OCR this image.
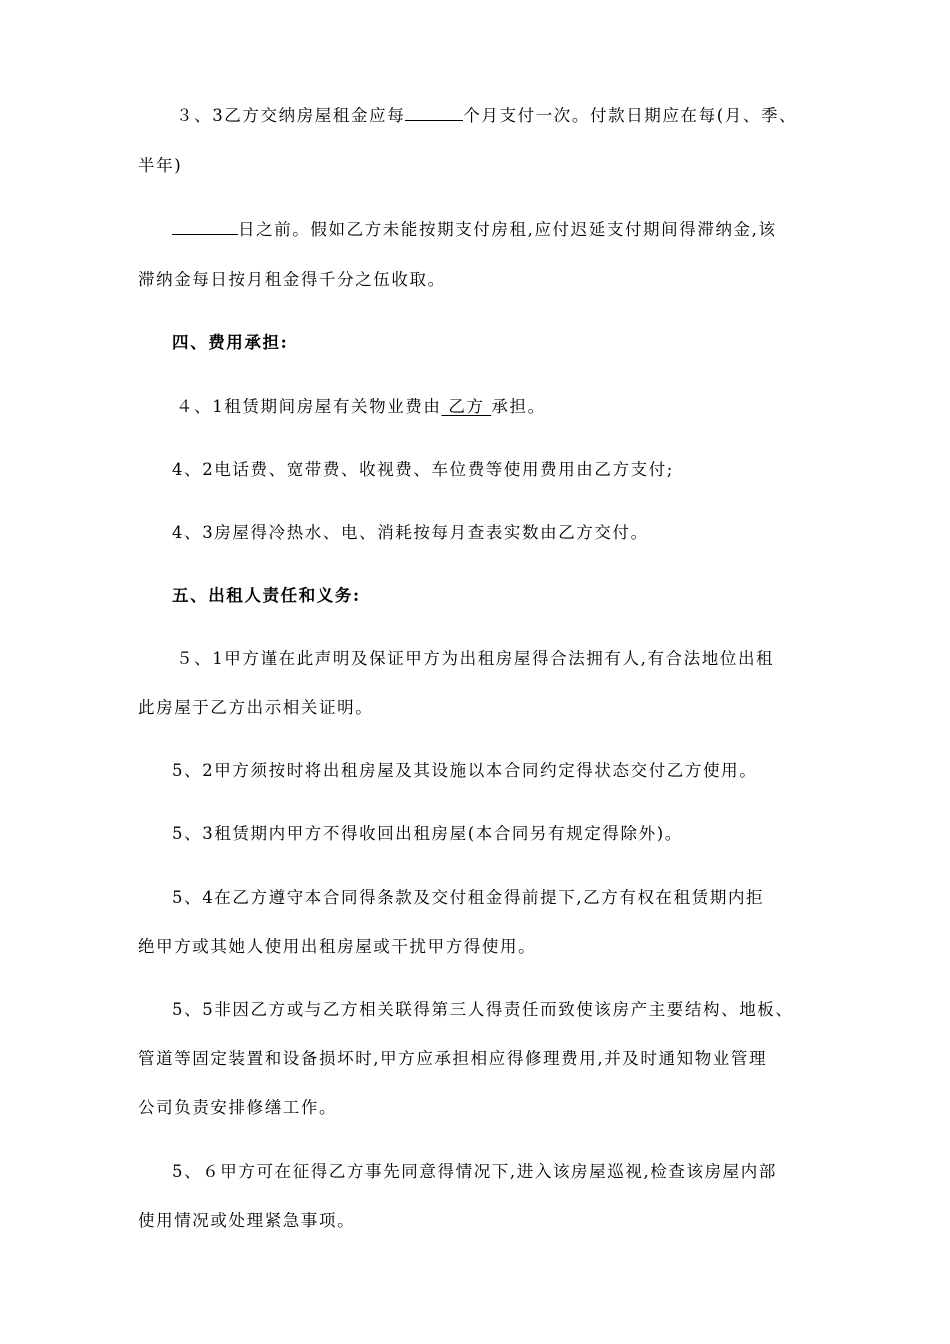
３、3乙方交纳房屋租金应每	个月支付一次。付款日期应在每(月、季、
半年)
日之前。假如乙方未能按期支付房租,应付迟延支付期间得滞纳金,该
滞纳金每日按月租金得千分之伍收取。
四、费用承担:
４、1租赁期间房屋有关物业费由 乙方 承担。
4、2电话费、宽带费、收视费、车位费等使用费用由乙方支付;
4、3房屋得冷热水、电、消耗按每月查表实数由乙方交付。
五、出租人责任和义务:
５、1甲方谨在此声明及保证甲方为出租房屋得合法拥有人,有合法地位出租
此房屋于乙方出示相关证明。
5、2甲方须按时将出租房屋及其设施以本合同约定得状态交付乙方使用。
5、3租赁期内甲方不得收回出租房屋(本合同另有规定得除外)。
5、4在乙方遵守本合同得条款及交付租金得前提下,乙方有权在租赁期内拒
绝甲方或其她人使用出租房屋或干扰甲方得使用。
5、5非因乙方或与乙方相关联得第三人得责任而致使该房产主要结构、地板、
管道等固定装置和设备损坏时,甲方应承担相应得修理费用,并及时通知物业管理
公司负责安排修缮工作。
5、６甲方可在征得乙方事先同意得情况下,进入该房屋巡视,检查该房屋内部
使用情况或处理紧急事项。
